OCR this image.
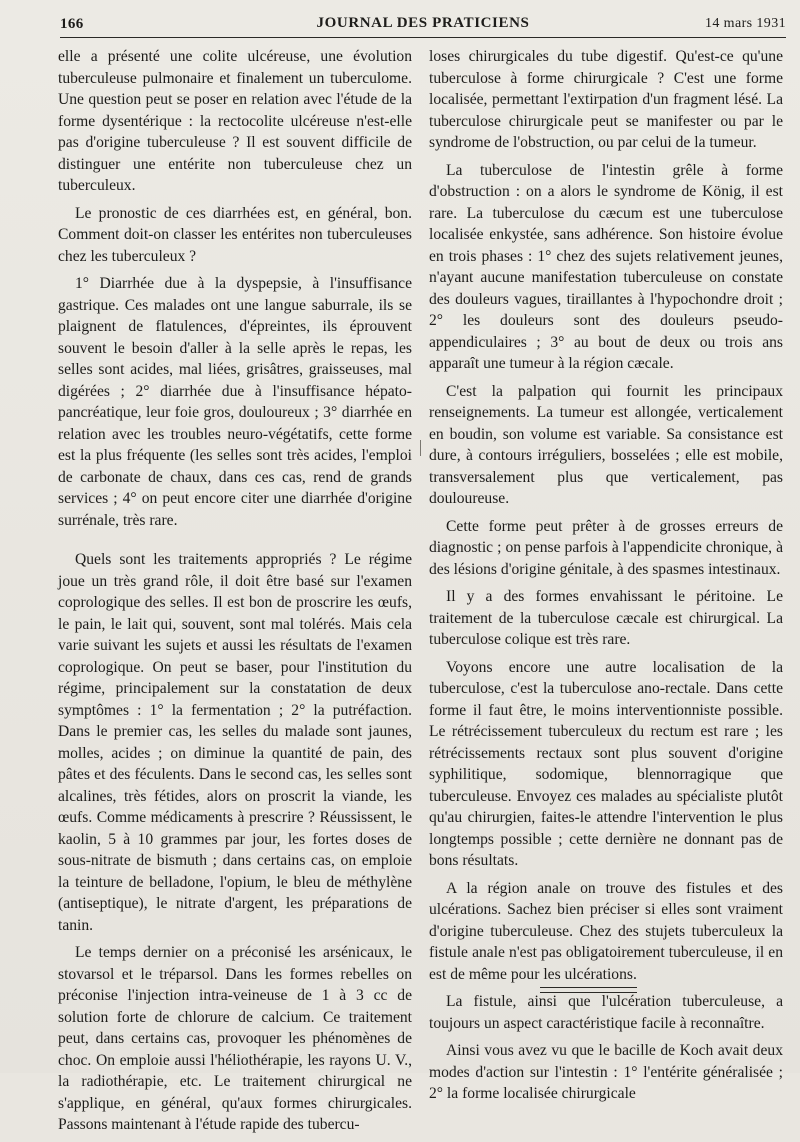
166	JOURNAL DES PRATICIENS	14 mars 1931

elle a présenté une colite ulcéreuse, une évolution tuberculeuse pulmonaire et finalement un tuberculome. Une question peut se poser en relation avec l'étude de la forme dysentérique : la rectocolite ulcéreuse n'est-elle pas d'origine tuberculeuse ? Il est souvent difficile de distinguer une entérite non tuberculeuse chez un tuberculeux.

Le pronostic de ces diarrhées est, en général, bon. Comment doit-on classer les entérites non tuberculeuses chez les tuberculeux ?

1° Diarrhée due à la dyspepsie, à l'insuffisance gastrique. Ces malades ont une langue saburrale, ils se plaignent de flatulences, d'épreintes, ils éprouvent souvent le besoin d'aller à la selle après le repas, les selles sont acides, mal liées, grisâtres, graisseuses, mal digérées ; 2° diarrhée due à l'insuffisance hépato-pancréatique, leur foie gros, douloureux ; 3° diarrhée en relation avec les troubles neuro-végétatifs, cette forme est la plus fréquente (les selles sont très acides, l'emploi de carbonate de chaux, dans ces cas, rend de grands services ; 4° on peut encore citer une diarrhée d'origine surrénale, très rare.

Quels sont les traitements appropriés ? Le régime joue un très grand rôle, il doit être basé sur l'examen coprologique des selles. Il est bon de proscrire les œufs, le pain, le lait qui, souvent, sont mal tolérés. Mais cela varie suivant les sujets et aussi les résultats de l'examen coprologique. On peut se baser, pour l'institution du régime, principalement sur la constatation de deux symptômes : 1° la fermentation ; 2° la putréfaction. Dans le premier cas, les selles du malade sont jaunes, molles, acides ; on diminue la quantité de pain, des pâtes et des féculents. Dans le second cas, les selles sont alcalines, très fétides, alors on proscrit la viande, les œufs. Comme médicaments à prescrire ? Réussissent, le kaolin, 5 à 10 grammes par jour, les fortes doses de sous-nitrate de bismuth ; dans certains cas, on emploie la teinture de belladone, l'opium, le bleu de méthylène (antiseptique), le nitrate d'argent, les préparations de tanin.

Le temps dernier on a préconisé les arsénicaux, le stovarsol et le tréparsol. Dans les formes rebelles on préconise l'injection intra-veineuse de 1 à 3 cc de solution forte de chlorure de calcium. Ce traitement peut, dans certains cas, provoquer les phénomènes de choc. On emploie aussi l'héliothérapie, les rayons U. V., la radiothérapie, etc. Le traitement chirurgical ne s'applique, en général, qu'aux formes chirurgicales. Passons maintenant à l'étude rapide des tubercu-

loses chirurgicales du tube digestif. Qu'est-ce qu'une tuberculose à forme chirurgicale ? C'est une forme localisée, permettant l'extirpation d'un fragment lésé. La tuberculose chirurgicale peut se manifester ou par le syndrome de l'obstruction, ou par celui de la tumeur.

La tuberculose de l'intestin grêle à forme d'obstruction : on a alors le syndrome de König, il est rare. La tuberculose du cæcum est une tuberculose localisée enkystée, sans adhérence. Son histoire évolue en trois phases : 1° chez des sujets relativement jeunes, n'ayant aucune manifestation tuberculeuse on constate des douleurs vagues, tiraillantes à l'hypochondre droit ; 2° les douleurs sont des douleurs pseudo-appendiculaires ; 3° au bout de deux ou trois ans apparaît une tumeur à la région cæcale.

C'est la palpation qui fournit les principaux renseignements. La tumeur est allongée, verticalement en boudin, son volume est variable. Sa consistance est dure, à contours irréguliers, bosselées ; elle est mobile, transversalement plus que verticalement, pas douloureuse.

Cette forme peut prêter à de grosses erreurs de diagnostic ; on pense parfois à l'appendicite chronique, à des lésions d'origine génitale, à des spasmes intestinaux.

Il y a des formes envahissant le péritoine. Le traitement de la tuberculose cæcale est chirurgical. La tuberculose colique est très rare.

Voyons encore une autre localisation de la tuberculose, c'est la tuberculose ano-rectale. Dans cette forme il faut être, le moins interventionniste possible. Le rétrécissement tuberculeux du rectum est rare ; les rétrécissements rectaux sont plus souvent d'origine syphilitique, sodomique, blennorragique que tuberculeuse. Envoyez ces malades au spécialiste plutôt qu'au chirurgien, faites-le attendre l'intervention le plus longtemps possible ; cette dernière ne donnant pas de bons résultats.

A la région anale on trouve des fistules et des ulcérations. Sachez bien préciser si elles sont vraiment d'origine tuberculeuse. Chez des stujets tuberculeux la fistule anale n'est pas obligatoirement tuberculeuse, il en est de même pour les ulcérations.

La fistule, ainsi que l'ulcération tuberculeuse, a toujours un aspect caractéristique facile à reconnaître.

Ainsi vous avez vu que le bacille de Koch avait deux modes d'action sur l'intestin : 1° l'entérite généralisée ; 2° la forme localisée chirurgicale
